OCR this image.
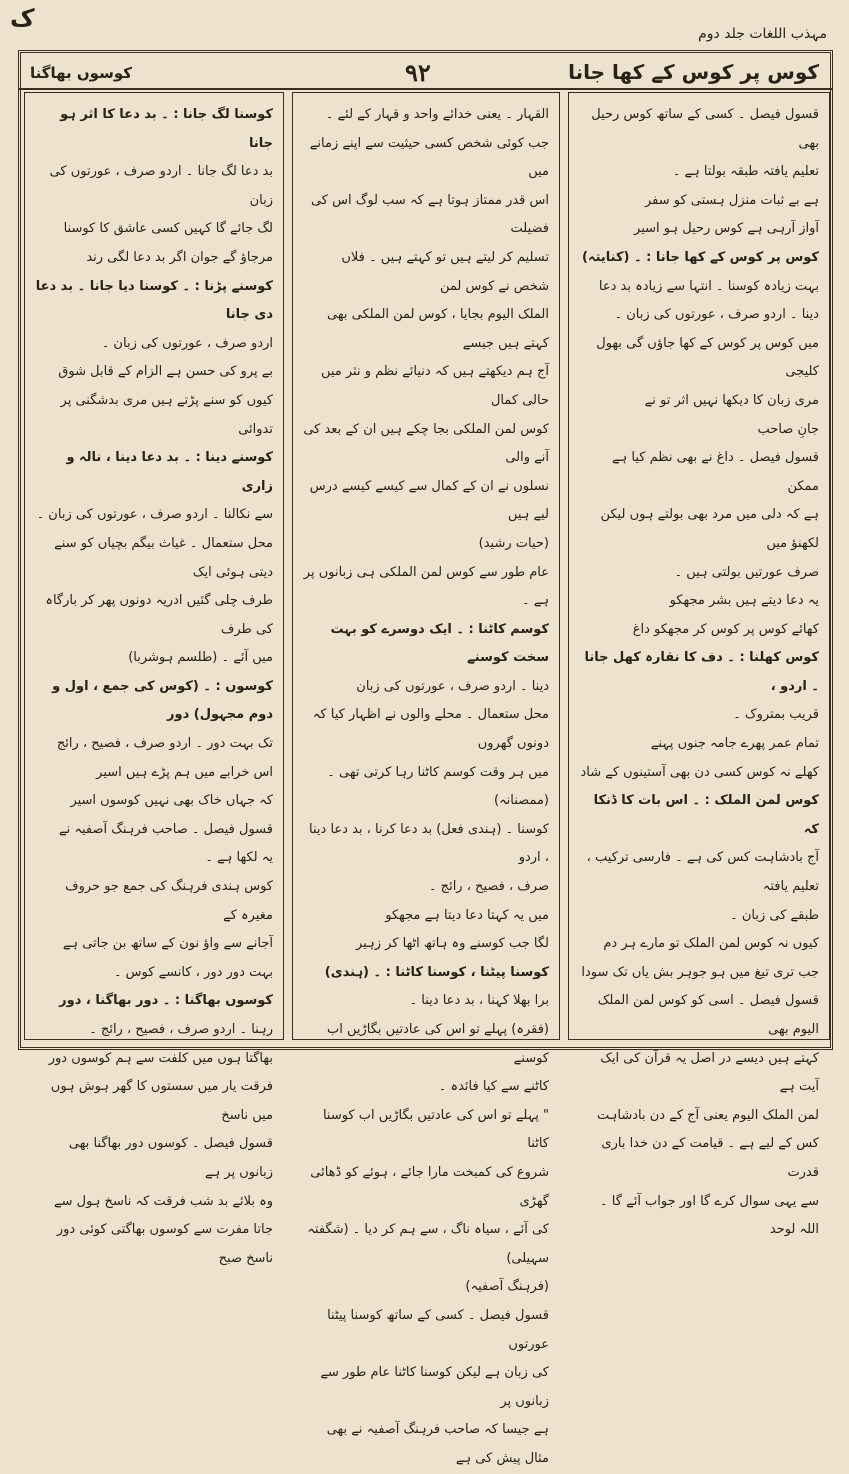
ک
مہذب اللغات جلد دوم
کوس پر کوس کے کھا جانا
۹۲
کوسوں بھاگنا

قسول فیصل ۔ کسی کے ساتھ کوس رحیل بھی

تعلیم یافتہ طبقہ بولتا ہے ۔

ہے بے ثبات منزل ہستی کو سفر

آواز آرہی ہے کوس رحیل ہو اسیر

کوس پر کوس کے کھا جانا : ۔ (کنایتہ)

بہت زیادہ کوسنا ۔ انتہا سے زیادہ بد دعا

دینا ۔ اردو صرف ، عورتوں کی زبان ۔

میں کوس پر کوس کے کھا جاؤں گی بھول کلیجی

مری زبان کا دیکھا نہیں اثر تو نے

جانِ صاحب

قسول فیصل ۔ داغ نے بھی نظم کیا ہے ممکن

ہے کہ دلی میں مرد بھی بولتے ہوں لیکن لکھنؤ میں

صرف عورتیں بولتی ہیں ۔

یہ دعا دیتے ہیں بشر مجھکو

کھائے کوس پر کوس کر مجھکو داغ

کوس کھلنا : ۔ دف کا نقارہ کھل جانا ۔ اردو ،

قریب بمتروک ۔

تمام عمر پھرے جامہ جنوں پہنے

کھلے نہ کوس کسی دن بھی آستینوں کے شاد

کوس لمن الملک : ۔ اس بات کا ڈنکا کہ

آج بادشاہت کس کی ہے ۔ فارسی ترکیب ، تعلیم یافتہ

طبقے کی زبان ۔

کیوں نہ کوس لمن الملک تو مارے ہر دم

جب تری تیغ میں ہو جوہر بش یاں تک سودا

قسول فیصل ۔ اسی کو کوس لمن الملک الیوم بھی

کہتے ہیں دیسے در اصل یہ قرآن کی ایک آیت ہے

لمن الملک الیوم یعنی آج کے دن بادشاہت

کس کے لیے ہے ۔ قیامت کے دن خدا باری قدرت

سے یہی سوال کرے گا اور جواب آئے گا ۔ اللہ لوحد

القہار ۔ یعنی خدائے واحد و قہار کے لئے ۔

جب کوئی شخص کسی حیثیت سے اپنے زمانے میں

اس قدر ممتاز ہوتا ہے کہ سب لوگ اس کی فضیلت

تسلیم کر لیتے ہیں تو کہتے ہیں ۔ فلاں شخص نے کوس لمن

الملک الیوم بجایا ، کوس لمن الملکی بھی کہتے ہیں جیسے

آج ہم دیکھتے ہیں کہ دنیائے نظم و نثر میں حالی کمال

کوس لمن الملکی بجا چکے ہیں ان کے بعد کی آنے والی

نسلوں نے ان کے کمال سے کیسے کیسے درس لیے ہیں

(حیات رشید)

عام طور سے کوس لمن الملکی ہی زبانوں پر ہے ۔

کوسم کاٹنا : ۔ ایک دوسرے کو بہت سخت کوسنے

دینا ۔ اردو صرف ، عورتوں کی زبان

محل ستعمال ۔ محلے والوں نے اظہار کیا کہ دونوں گھروں

میں ہر وقت کوسم کاٹنا رہا کرتی تھی ۔ (ممصنانہ)

کوسنا ۔ (ہندی فعل) بد دعا کرنا ، بد دعا دینا ، اردو

صرف ، فصیح ، رائج ۔

میں یہ کہتا دعا دیتا ہے مجھکو

لگا جب کوسنے وہ ہاتھ اٹھا کر زہیر

کوسنا پیٹنا ، کوسنا کاٹنا : ۔ (ہندی)

برا بھلا کہنا ، بد دعا دینا ۔

(فقرہ) پہلے تو اس کی عادتیں بگاڑیں اب کوسنے

کاٹنے سے کیا فائدہ ۔

" پہلے تو اس کی عادتیں بگاڑیں اب کوسنا کاٹنا

شروع کی کمبخت مارا جائے ، ہوئے کو ڈھائی گھڑی

کی آئے ، سیاہ ناگ ، سے ہم کر دیا ۔ (شگفتہ سہیلی)

(فرہنگ آصفیہ)

قسول فیصل ۔ کسی کے ساتھ کوسنا پیٹنا عورتوں

کی زبان ہے لیکن کوسنا کاٹنا عام طور سے زبانوں پر

ہے جیسا کہ صاحب فرہنگ آصفیہ نے بھی مثال پیش کی ہے

کوسنا لگ جانا : ۔ بد دعا کا اثر ہو جانا

بد دعا لگ جانا ۔ اردو صرف ، عورتوں کی زبان

لگ جائے گا کہیں کسی عاشق کا کوسنا

مرجاؤ گے جوان اگر بد دعا لگی رند

کوسنے پڑنا : ۔ کوسنا دیا جانا ۔ بد دعا دی جانا

اردو صرف ، عورتوں کی زبان ۔

بے پرو کی حسن ہے الزام کے قابل شوق

کیوں کو سنے پڑتے ہیں مری بدشگنی پر تدوائی

کوسنے دینا : ۔ بد دعا دینا ، نالہ و زاری

سے نکالنا ۔ اردو صرف ، عورتوں کی زبان ۔

محل ستعمال ۔ غیاث بیگم بچیاں کو سنے دیتی ہوئی ایک

طرف چلی گئیں ادریہ دونوں پھر کر بارگاہ کی طرف

میں آئے ۔ (طلسم ہوشربا)

کوسوں : ۔ (کوس کی جمع ، اول و دوم مجہول) دور

تک بہت دور ۔ اردو صرف ، فصیح ، رائج

اس خرابے میں ہم پڑے ہیں اسیر

کہ جہاں خاک بھی نہیں کوسوں اسیر

قسول فیصل ۔ صاحب فرہنگ آصفیہ نے

یہ لکھا ہے ۔

کوس ہندی فرہنگ کی جمع جو حروف مغیرہ کے

آجانے سے واؤ نون کے ساتھ بن جاتی ہے

بہت دور دور ، کانسے کوس ۔

کوسوں بھاگنا : ۔ دور بھاگنا ، دور

رہنا ۔ اردو صرف ، فصیح ، رائج ۔

بھاگتا ہوں میں کلفت سے ہم کوسوں دور

فرقت یار میں سستوں کا گھر ہوش ہوں میں ناسخ

قسول فیصل ۔ کوسوں دور بھاگنا بھی زبانوں پر ہے

وہ بلائے بد شب فرقت کہ ناسخ ہول سے

جاتا مفرت سے کوسوں بھاگتی کوئی دور ناسخ صبح
